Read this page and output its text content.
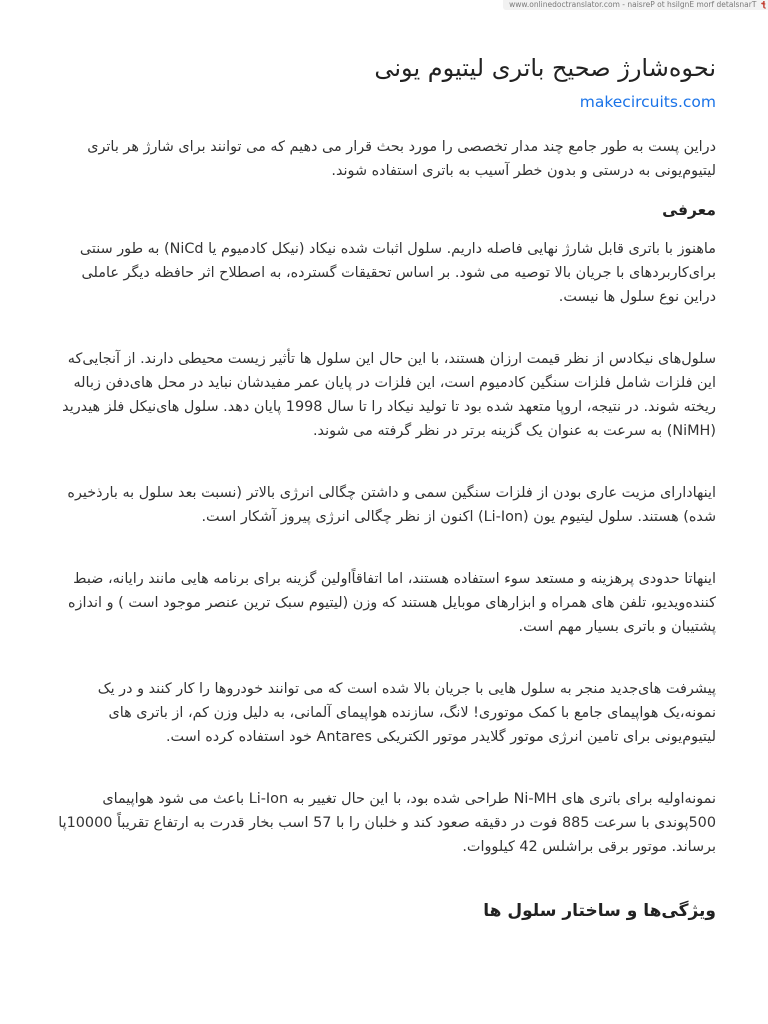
www.onlinedoctranslator.com - naisreP ot hsilgnE morf detalsnarT ꞎ
نحوه‌شارژ صحیح باتری لیتیوم یونی
makecircuits.com

دراین پست به طور جامع چند مدار تخصصی را مورد بحث قرار می دهیم که می توانند برای شارژ هر باتری لیتیوم‌یونی به درستی و بدون خطر آسیب به باتری استفاده شوند.

معرفی

ماهنوز با باتری قابل شارژ نهایی فاصله داریم. سلول اثبات شده نیکاد (نیکل کادمیوم یا NiCd) به طور سنتی برای‌کاربردهای با جریان بالا توصیه می شود. بر اساس تحقیقات گسترده، به اصطلاح اثر حافظه دیگر عاملی دراین نوع سلول ها نیست.

سلول‌های نیکادس از نظر قیمت ارزان هستند، با این حال این سلول ها تأثیر زیست محیطی دارند. از آنجایی‌که این فلزات شامل فلزات سنگین کادمیوم است، این فلزات در پایان عمر مفیدشان نباید در محل های‌دفن زباله ریخته شوند. در نتیجه، اروپا متعهد شده بود تا تولید نیکاد را تا سال 1998 پایان دهد. سلول های‌نیکل فلز هیدرید (NiMH) به سرعت به عنوان یک گزینه برتر در نظر گرفته می شوند.

اینهادارای مزیت عاری بودن از فلزات سنگین سمی و داشتن چگالی انرژی بالاتر (نسبت بعد سلول به بارذخیره شده) هستند. سلول لیتیوم یون (Li-Ion) اکنون از نظر چگالی انرژی پیروز آشکار است.

اینهاتا حدودی پرهزینه و مستعد سوء استفاده هستند، اما اتفاقاًاولین گزینه برای برنامه هایی مانند رایانه، ضبط کننده‌ویدیو، تلفن های همراه و ابزارهای موبایل هستند که وزن (لیتیوم سبک ترین عنصر موجود است ) و اندازه پشتیبان و باتری بسیار مهم است.

پیشرفت های‌جدید منجر به سلول هایی با جریان بالا شده است که می توانند خودروها را کار کنند و در یک نمونه،یک هواپیمای جامع با کمک موتوری! لانگ، سازنده هواپیمای آلمانی، به دلیل وزن کم، از باتری های لیتیوم‌یونی برای تامین انرژی موتور گلایدر موتور الکتریکی Antares خود استفاده کرده است.

نمونه‌اولیه برای باتری های Ni-MH طراحی شده بود، با این حال تغییر به Li-Ion باعث می شود هواپیمای 500پوندی با سرعت 885 فوت در دقیقه صعود کند و خلبان را با 57 اسب بخار قدرت به ارتفاع تقریباً 10000پا برساند. موتور برقی براشلس 42 کیلووات.

ویژگی‌ها و ساختار سلول ها
